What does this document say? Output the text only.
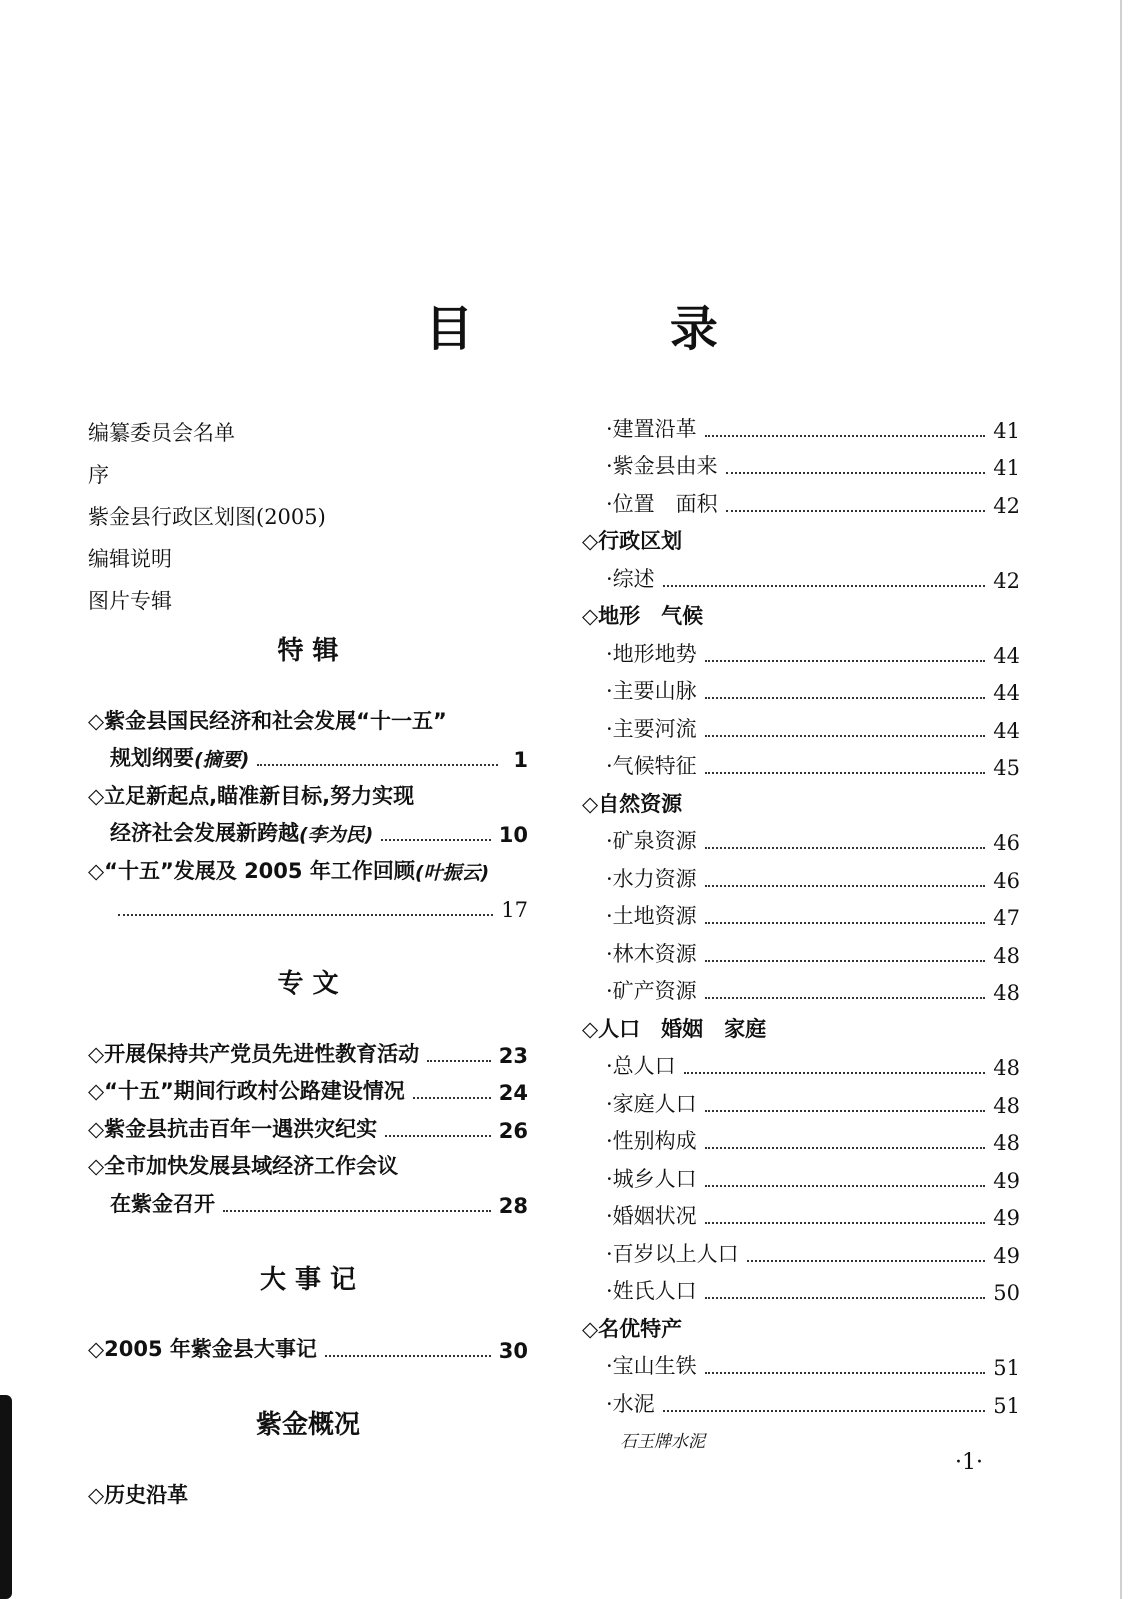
目 录
编纂委员会名单
序
紫金县行政区划图(2005)
编辑说明
图片专辑
特 辑
◇紫金县国民经济和社会发展“十一五”
规划纲要 (摘要)	1
◇立足新起点,瞄准新目标,努力实现
经济社会发展新跨越 (李为民)	10
◇“十五”发展及 2005 年工作回顾 (叶振云)
17
专 文
◇开展保持共产党员先进性教育活动	23
◇“十五”期间行政村公路建设情况	24
◇紫金县抗击百年一遇洪灾纪实	26
◇全市加快发展县域经济工作会议
在紫金召开	28
大 事 记
◇2005 年紫金县大事记	30
紫金概况
◇历史沿革
·建置沿革	41
·紫金县由来	41
·位置　面积	42
◇行政区划
·综述	42
◇地形　气候
·地形地势	44
·主要山脉	44
·主要河流	44
·气候特征	45
◇自然资源
·矿泉资源	46
·水力资源	46
·土地资源	47
·林木资源	48
·矿产资源	48
◇人口　婚姻　家庭
·总人口	48
·家庭人口	48
·性别构成	48
·城乡人口	49
·婚姻状况	49
·百岁以上人口	49
·姓氏人口	50
◇名优特产
·宝山生铁	51
·水泥	51
石王牌水泥
·1·
